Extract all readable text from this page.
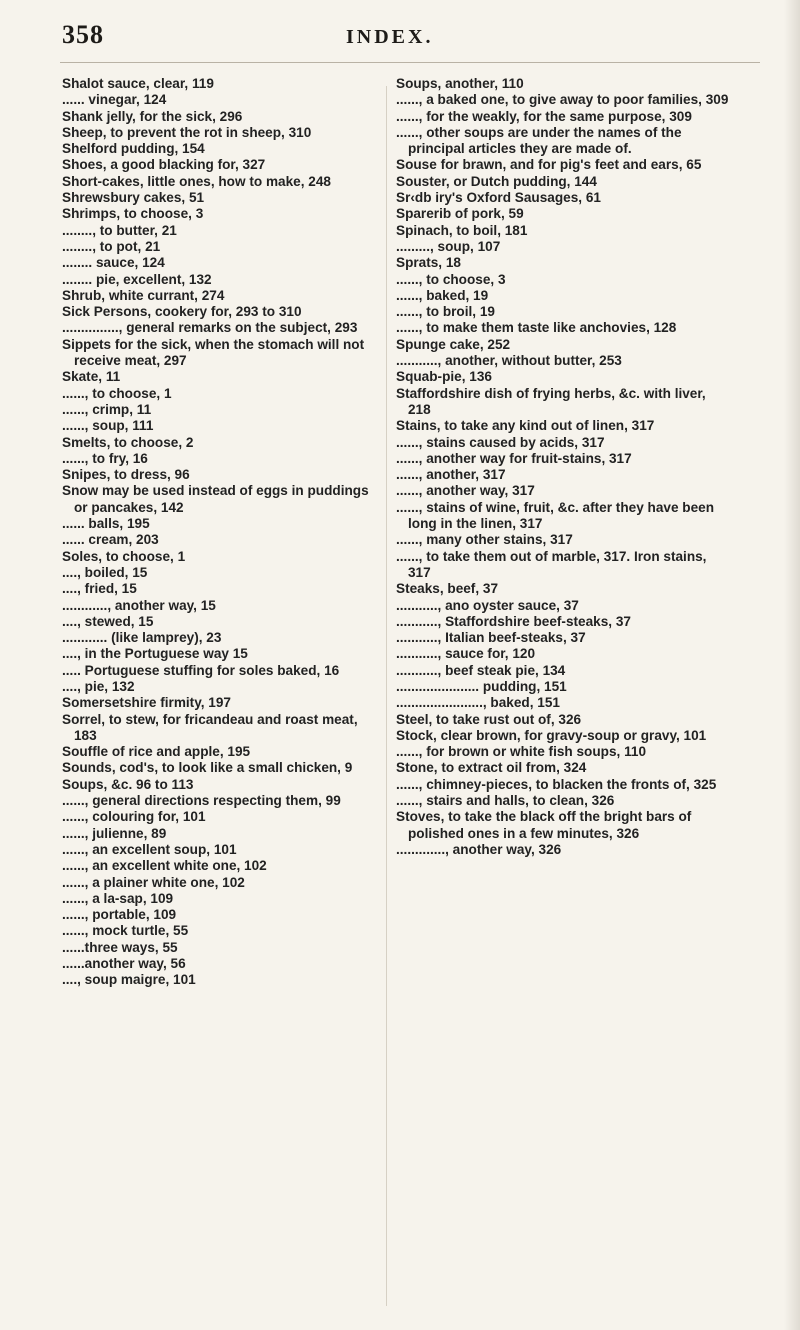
358	INDEX.

Shalot sauce, clear, 119

...... vinegar, 124

Shank jelly, for the sick, 296

Sheep, to prevent the rot in sheep, 310

Shelford pudding, 154

Shoes, a good blacking for, 327

Short-cakes, little ones, how to make, 248

Shrewsbury cakes, 51

Shrimps, to choose, 3

........, to butter, 21

........, to pot, 21

........ sauce, 124

........ pie, excellent, 132

Shrub, white currant, 274

Sick Persons, cookery for, 293 to 310

..............., general remarks on the subject, 293

Sippets for the sick, when the stomach will not receive meat, 297

Skate, 11

......, to choose, 1

......, crimp, 11

......, soup, 111

Smelts, to choose, 2

......, to fry, 16

Snipes, to dress, 96

Snow may be used instead of eggs in puddings or pancakes, 142

...... balls, 195

...... cream, 203

Soles, to choose, 1

...., boiled, 15

...., fried, 15

............, another way, 15

...., stewed, 15

............ (like lamprey), 23

...., in the Portuguese way 15

..... Portuguese stuffing for soles baked, 16

...., pie, 132

Somersetshire firmity, 197

Sorrel, to stew, for fricandeau and roast meat, 183

Souffle of rice and apple, 195

Sounds, cod's, to look like a small chicken, 9

Soups, &c. 96 to 113

......, general directions respecting them, 99

......, colouring for, 101

......, julienne, 89

......, an excellent soup, 101

......, an excellent white one, 102

......, a plainer white one, 102

......, a la-sap, 109

......, portable, 109

......, mock turtle, 55

......three ways, 55

......another way, 56

...., soup maigre, 101

Soups, another, 110

......, a baked one, to give away to poor families, 309

......, for the weakly, for the same purpose, 309

......, other soups are under the names of the principal articles they are made of.

Souse for brawn, and for pig's feet and ears, 65

Souster, or Dutch pudding, 144

Sr‹db iry's Oxford Sausages, 61

Sparerib of pork, 59

Spinach, to boil, 181

........., soup, 107

Sprats, 18

......, to choose, 3

......, baked, 19

......, to broil, 19

......, to make them taste like anchovies, 128

Spunge cake, 252

..........., another, without butter, 253

Squab-pie, 136

Staffordshire dish of frying herbs, &c. with liver, 218

Stains, to take any kind out of linen, 317

......, stains caused by acids, 317

......, another way for fruit-stains, 317

......, another, 317

......, another way, 317

......, stains of wine, fruit, &c. after they have been long in the linen, 317

......, many other stains, 317

......, to take them out of marble, 317. Iron stains, 317

Steaks, beef, 37

..........., ano oyster sauce, 37

..........., Staffordshire beef-steaks, 37

..........., Italian beef-steaks, 37

..........., sauce for, 120

..........., beef steak pie, 134

...................... pudding, 151

......................., baked, 151

Steel, to take rust out of, 326

Stock, clear brown, for gravy-soup or gravy, 101

......, for brown or white fish soups, 110

Stone, to extract oil from, 324

......, chimney-pieces, to blacken the fronts of, 325

......, stairs and halls, to clean, 326

Stoves, to take the black off the bright bars of polished ones in a few minutes, 326

............., another way, 326
